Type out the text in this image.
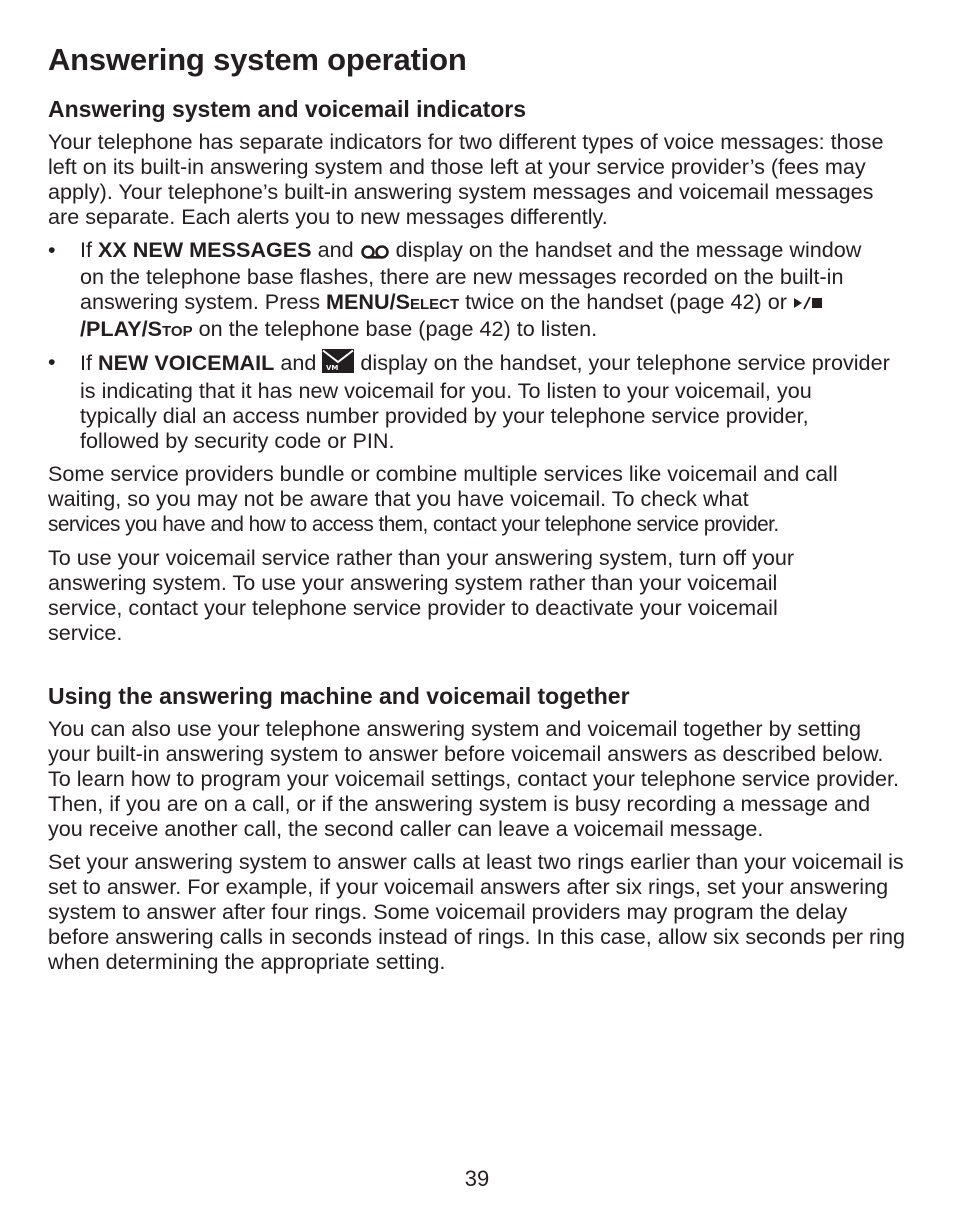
Answering system operation
Answering system and voicemail indicators

Your telephone has separate indicators for two different types of voice messages: those left on its built-in answering system and those left at your service provider’s (fees may apply). Your telephone’s built-in answering system messages and voicemail messages are separate. Each alerts you to new messages differently.

• If XX NEW MESSAGES and  display on the handset and the message window on the telephone base flashes, there are new messages recorded on the built-in answering system. Press MENU/Select twice on the handset (page 42) or /PLAY/Stop on the telephone base (page 42) to listen.
• If NEW VOICEMAIL and VM display on the handset, your telephone service provider is indicating that it has new voicemail for you. To listen to your voicemail, you typically dial an access number provided by your telephone service provider, followed by security code or PIN.

Some service providers bundle or combine multiple services like voicemail and call waiting, so you may not be aware that you have voicemail. To check what
services you have and how to access them, contact your telephone service provider.

To use your voicemail service rather than your answering system, turn off your answering system. To use your answering system rather than your voicemail service, contact your telephone service provider to deactivate your voicemail service.

Using the answering machine and voicemail together

You can also use your telephone answering system and voicemail together by setting your built-in answering system to answer before voicemail answers as described below. To learn how to program your voicemail settings, contact your telephone service provider. Then, if you are on a call, or if the answering system is busy recording a message and you receive another call, the second caller can leave a voicemail message.

Set your answering system to answer calls at least two rings earlier than your voicemail is set to answer. For example, if your voicemail answers after six rings, set your answering system to answer after four rings. Some voicemail providers may program the delay before answering calls in seconds instead of rings. In this case, allow six seconds per ring when determining the appropriate setting.

39
